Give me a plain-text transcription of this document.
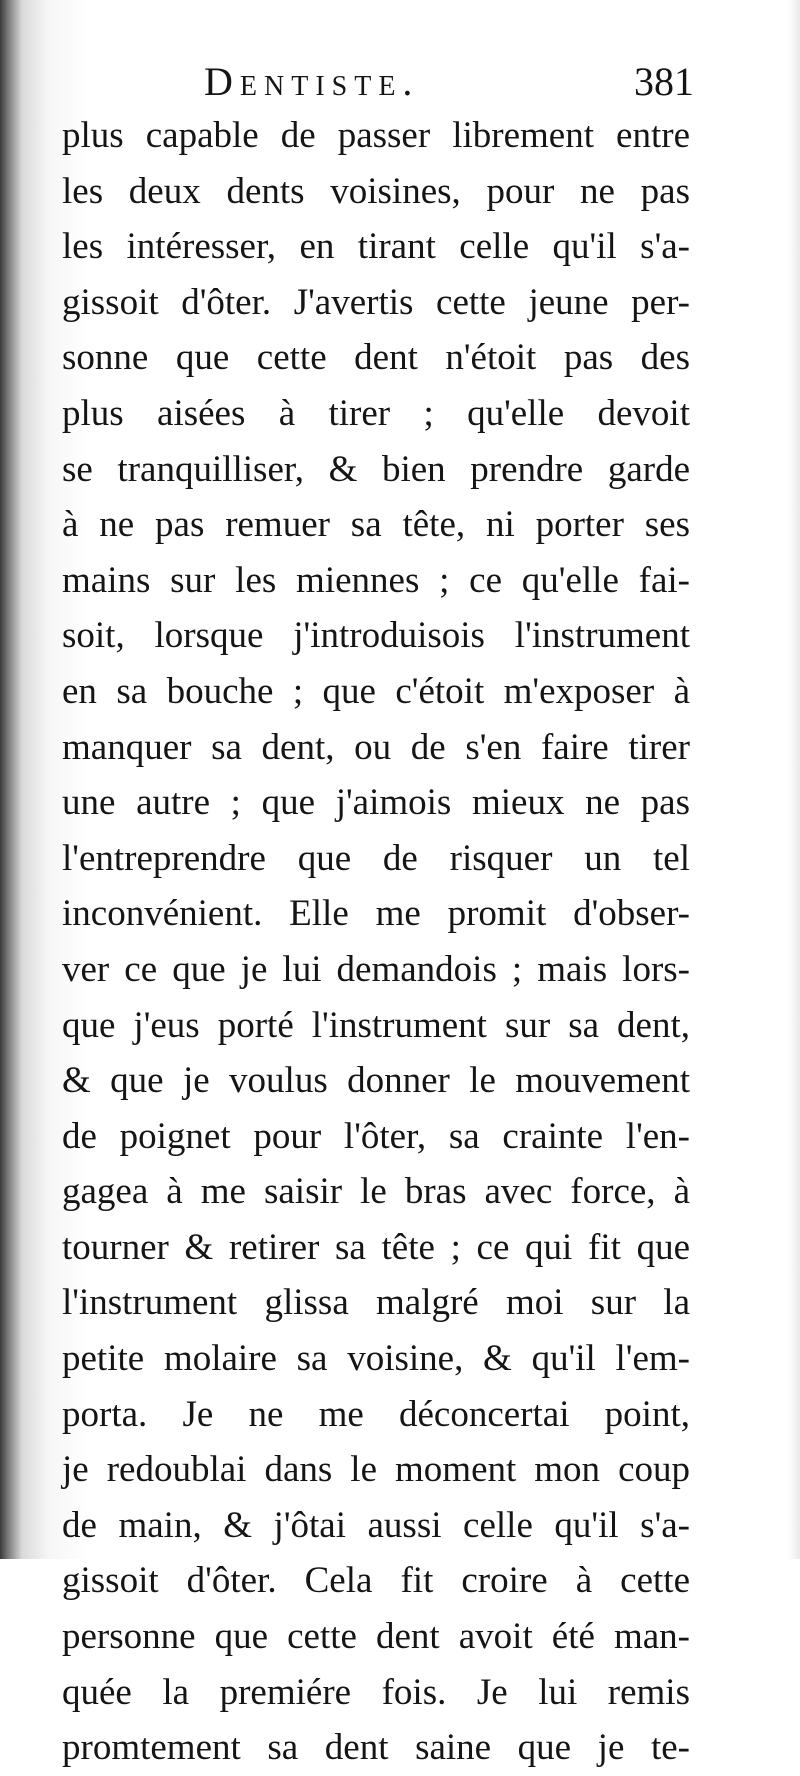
Dentiste.	381
plus capable de passer librement entre
les deux dents voisines, pour ne pas
les intéresser, en tirant celle qu'il s'a-
gissoit d'ôter. J'avertis cette jeune per-
sonne que cette dent n'étoit pas des
plus aisées à tirer ; qu'elle devoit
se tranquilliser, & bien prendre garde
à ne pas remuer sa tête, ni porter ses
mains sur les miennes ; ce qu'elle fai-
soit, lorsque j'introduisois l'instrument
en sa bouche ; que c'étoit m'exposer à
manquer sa dent, ou de s'en faire tirer
une autre ; que j'aimois mieux ne pas
l'entreprendre que de risquer un tel
inconvénient. Elle me promit d'obser-
ver ce que je lui demandois ; mais lors-
que j'eus porté l'instrument sur sa dent,
& que je voulus donner le mouvement
de poignet pour l'ôter, sa crainte l'en-
gagea à me saisir le bras avec force, à
tourner & retirer sa tête ; ce qui fit que
l'instrument glissa malgré moi sur la
petite molaire sa voisine, & qu'il l'em-
porta. Je ne me déconcertai point,
je redoublai dans le moment mon coup
de main, & j'ôtai aussi celle qu'il s'a-
gissoit d'ôter. Cela fit croire à cette
personne que cette dent avoit été man-
quée la premiére fois. Je lui remis
promtement sa dent saine que je te-
